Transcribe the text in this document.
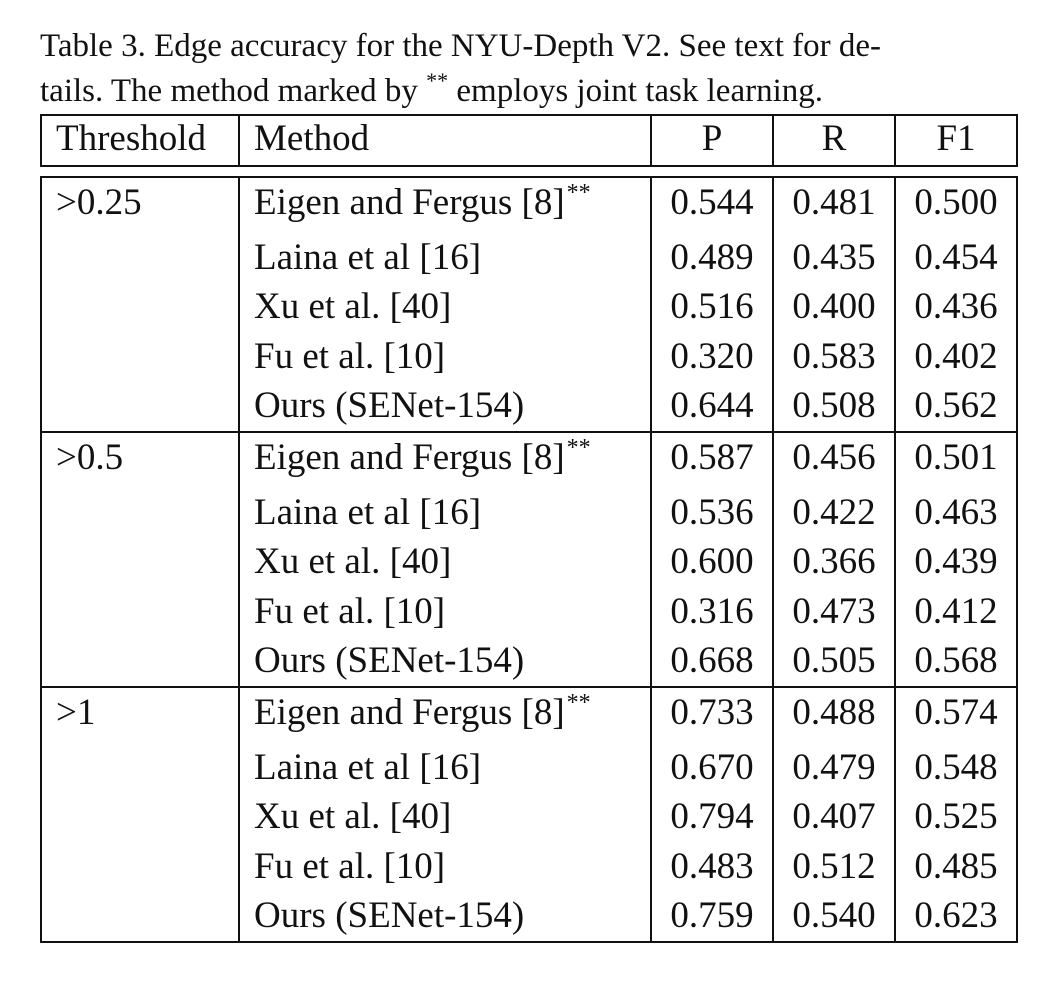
Table 3. Edge accuracy for the NYU-Depth V2. See text for de-
tails. The method marked by ** employs joint task learning.
Threshold	Method	P	R	F1
>0.25	Eigen and Fergus [8]**	0.544	0.481	0.500
	Laina et al [16]	0.489	0.435	0.454
	Xu et al. [40]	0.516	0.400	0.436
	Fu et al. [10]	0.320	0.583	0.402
	Ours (SENet-154)	0.644	0.508	0.562
>0.5	Eigen and Fergus [8]**	0.587	0.456	0.501
	Laina et al [16]	0.536	0.422	0.463
	Xu et al. [40]	0.600	0.366	0.439
	Fu et al. [10]	0.316	0.473	0.412
	Ours (SENet-154)	0.668	0.505	0.568
>1	Eigen and Fergus [8]**	0.733	0.488	0.574
	Laina et al [16]	0.670	0.479	0.548
	Xu et al. [40]	0.794	0.407	0.525
	Fu et al. [10]	0.483	0.512	0.485
	Ours (SENet-154)	0.759	0.540	0.623
